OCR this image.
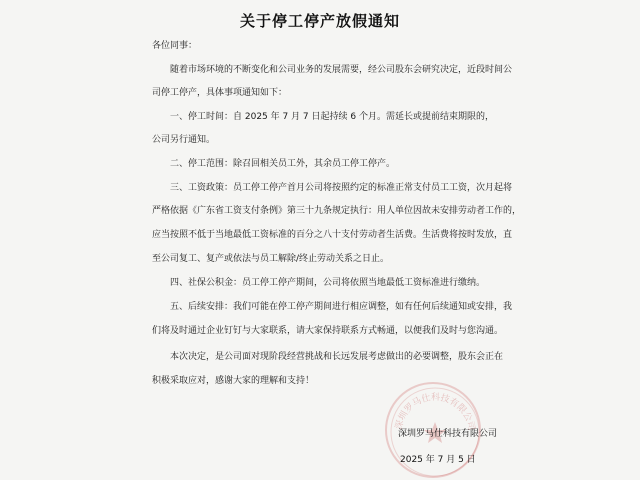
关于停工停产放假通知
各位同事：
随着市场环境的不断变化和公司业务的发展需要，经公司股东会研究决定，近段时间公
司停工停产，具体事项通知如下：
一、停工时间：自 2025 年 7 月 7 日起持续 6 个月。需延长或提前结束期限的，
公司另行通知。
二、停工范围：除召回相关员工外，其余员工停工停产。
三、工资政策：员工停工停产首月公司将按照约定的标准正常支付员工工资，次月起将
严格依据《广东省工资支付条例》第三十九条规定执行：用人单位因故未安排劳动者工作的，
应当按照不低于当地最低工资标准的百分之八十支付劳动者生活费。生活费将按时发放，直
至公司复工、复产或依法与员工解除/终止劳动关系之日止。
四、社保公积金：员工停工停产期间，公司将依照当地最低工资标准进行缴纳。
五、后续安排：我们可能在停工停产期间进行相应调整，如有任何后续通知或安排，我
们将及时通过企业钉钉与大家联系，请大家保持联系方式畅通，以便我们及时与您沟通。
本次决定，是公司面对现阶段经营挑战和长远发展考虑做出的必要调整，股东会正在
积极采取应对，感谢大家的理解和支持！
深圳罗马仕科技有限公司
深圳罗马仕科技有限公司
2025 年 7 月 5 日
